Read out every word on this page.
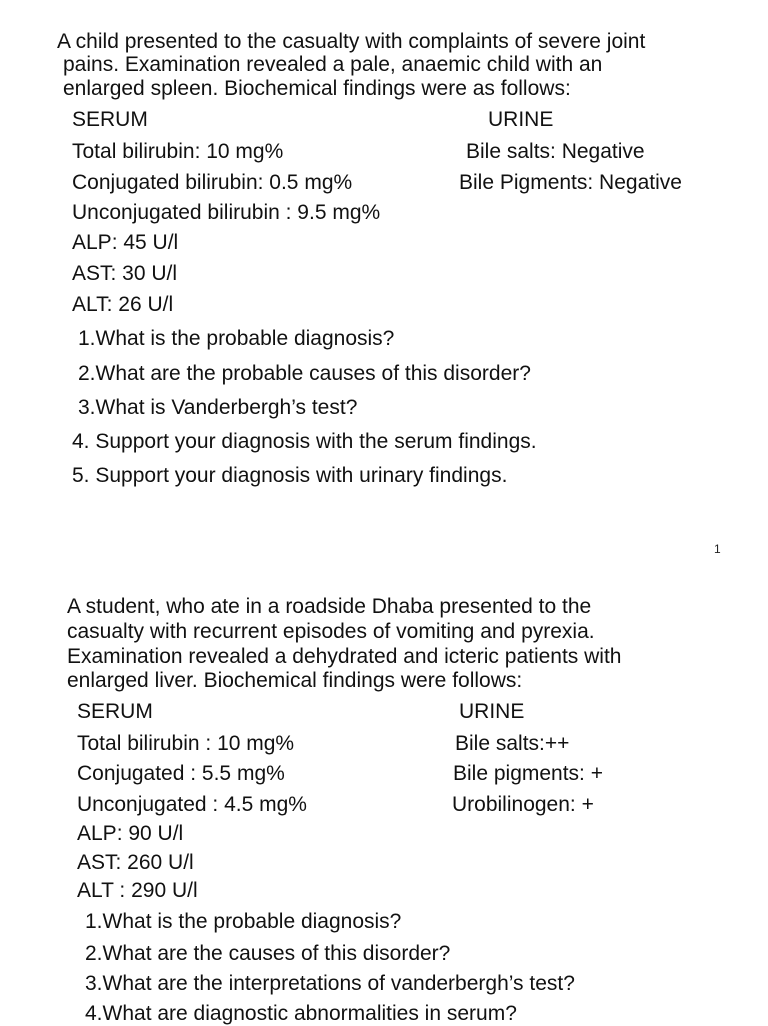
A child presented to the casualty with complaints of severe joint
pains. Examination revealed a pale, anaemic child with an
enlarged spleen. Biochemical findings were as follows:
SERUM	URINE
Total bilirubin: 10 mg%
Conjugated bilirubin: 0.5 mg%
Unconjugated bilirubin : 9.5 mg%
ALP: 45 U/l
AST: 30 U/l
ALT: 26 U/l
Bile salts: Negative
Bile Pigments: Negative
1.What is the probable diagnosis?
2.What are the probable causes of this disorder?
3.What is Vanderbergh’s test?
4. Support your diagnosis with the serum findings.
5. Support your diagnosis with urinary findings.
1
A student, who ate in a roadside Dhaba presented to the
casualty with recurrent episodes of vomiting and pyrexia.
Examination revealed a dehydrated and icteric patients with
enlarged liver. Biochemical findings were follows:
SERUM	URINE
Total bilirubin : 10 mg%
Conjugated : 5.5 mg%
Unconjugated : 4.5 mg%
ALP: 90 U/l
AST: 260 U/l
ALT : 290 U/l
Bile salts:++
Bile pigments: +
Urobilinogen: +
1.What is the probable diagnosis?
2.What are the causes of this disorder?
3.What are the interpretations of vanderbergh’s test?
4.What are diagnostic abnormalities in serum?
